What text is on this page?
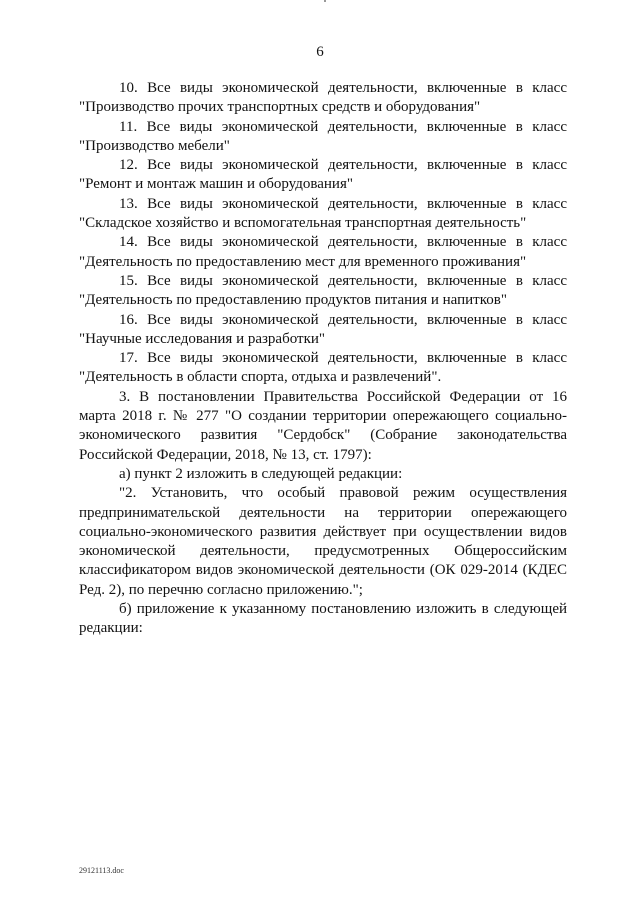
6

10. Все виды экономической деятельности, включенные в класс "Производство прочих транспортных средств и оборудования"

11. Все виды экономической деятельности, включенные в класс "Производство мебели"

12. Все виды экономической деятельности, включенные в класс "Ремонт и монтаж машин и оборудования"

13. Все виды экономической деятельности, включенные в класс "Складское хозяйство и вспомогательная транспортная деятельность"

14. Все виды экономической деятельности, включенные в класс "Деятельность по предоставлению мест для временного проживания"

15. Все виды экономической деятельности, включенные в класс "Деятельность по предоставлению продуктов питания и напитков"

16. Все виды экономической деятельности, включенные в класс "Научные исследования и разработки"

17. Все виды экономической деятельности, включенные в класс "Деятельность в области спорта, отдыха и развлечений".

3. В постановлении Правительства Российской Федерации от 16 марта 2018 г. № 277 "О создании территории опережающего социально-экономического развития "Сердобск" (Собрание законодательства Российской Федерации, 2018, № 13, ст. 1797):

а) пункт 2 изложить в следующей редакции:

"2. Установить, что особый правовой режим осуществления предпринимательской деятельности на территории опережающего социально-экономического развития действует при осуществлении видов экономической деятельности, предусмотренных Общероссийским классификатором видов экономической деятельности (ОК 029-2014 (КДЕС Ред. 2), по перечню согласно приложению.";

б) приложение к указанному постановлению изложить в следующей редакции:

29121113.doc
